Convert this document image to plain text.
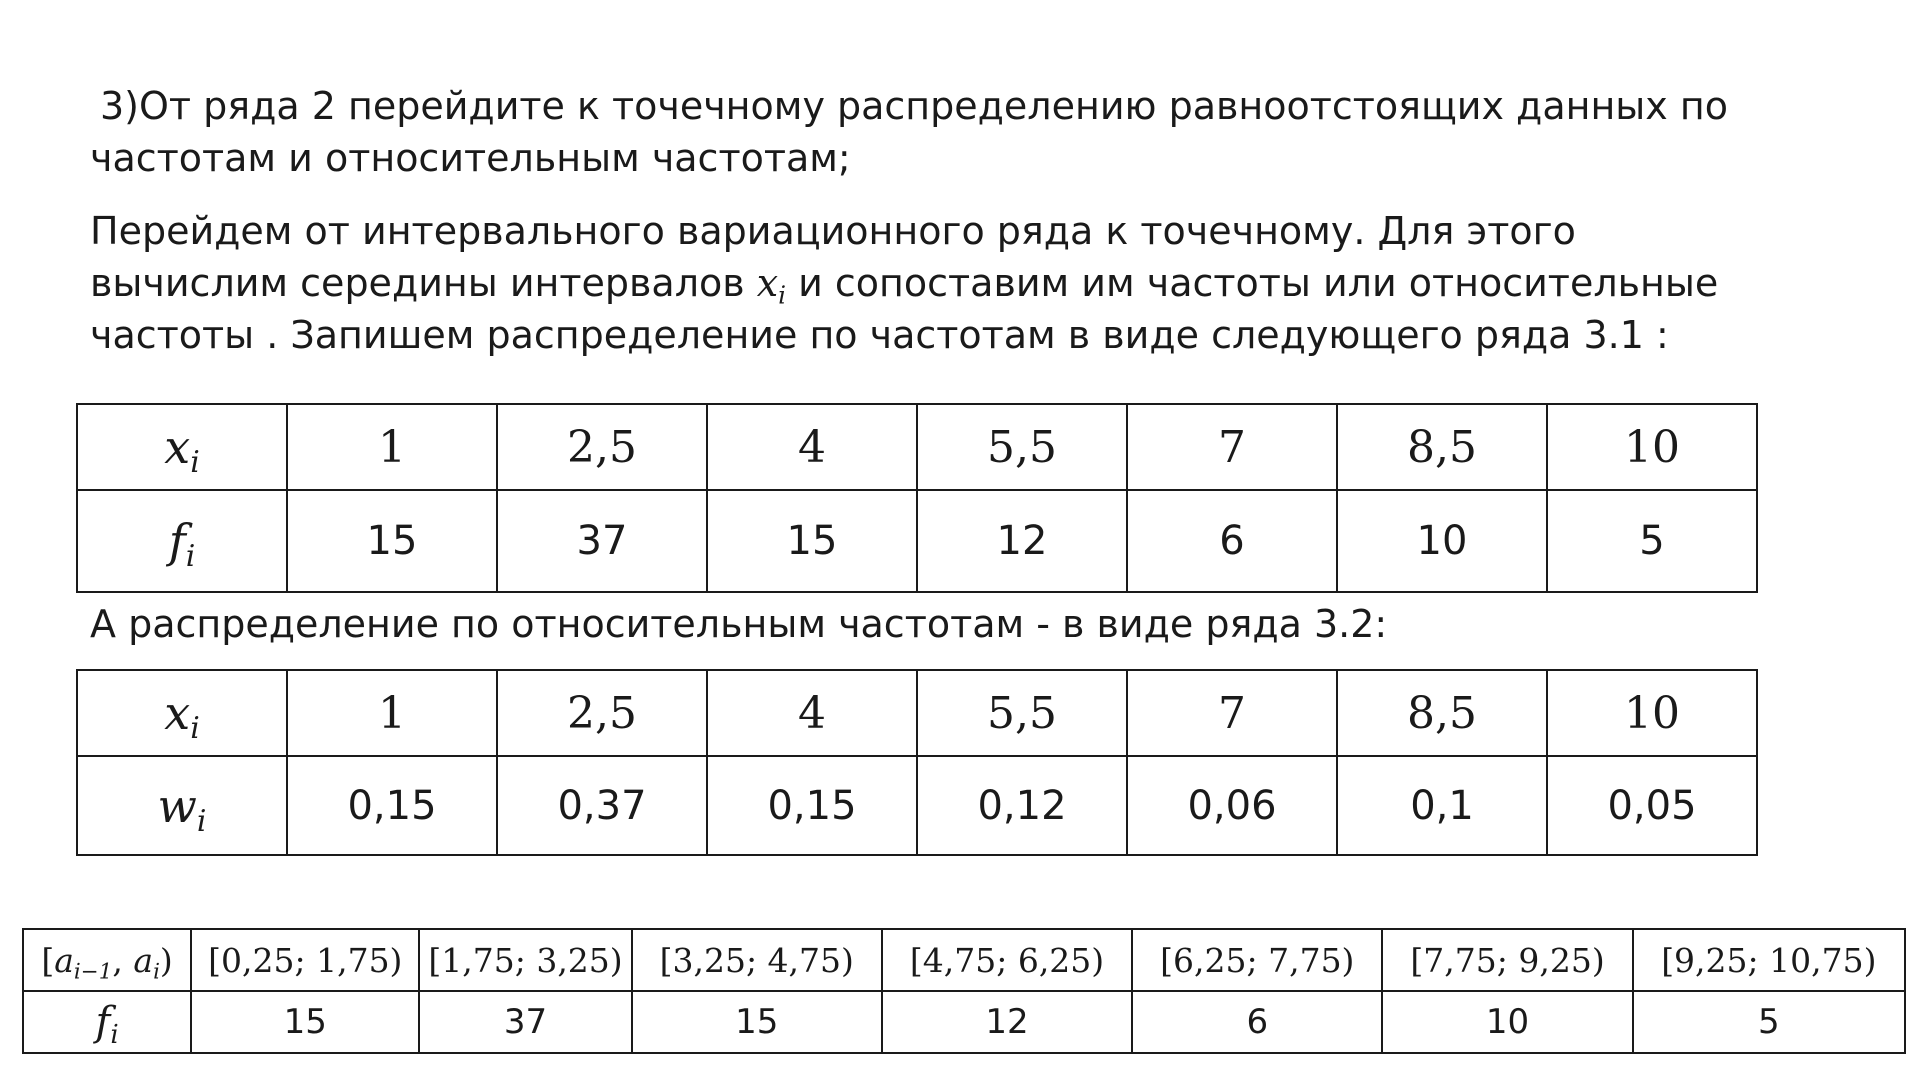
3)От ряда 2 перейдите к точечному распределению равноотстоящих данных по
частотам и относительным частотам;

Перейдем от интервального вариационного ряда к точечному. Для этого
вычислим середины интервалов $x_i$ и сопоставим им частоты или относительные
частоты . Запишем распределение по частотам в виде следующего ряда 3.1 :

$x_i$	1	2,5	4	5,5	7	8,5	10
$f_i$	15	37	15	12	6	10	5

А распределение по относительным частотам - в виде ряда 3.2:

$x_i$	1	2,5	4	5,5	7	8,5	10
$w_i$	0,15	0,37	0,15	0,12	0,06	0,1	0,05
[$a_{i-1}$, $a_i$)	[0,25; 1,75)	[1,75; 3,25)	[3,25; 4,75)	[4,75; 6,25)	[6,25; 7,75)	[7,75; 9,25)	[9,25; 10,75)
$f_i$	15	37	15	12	6	10	5
